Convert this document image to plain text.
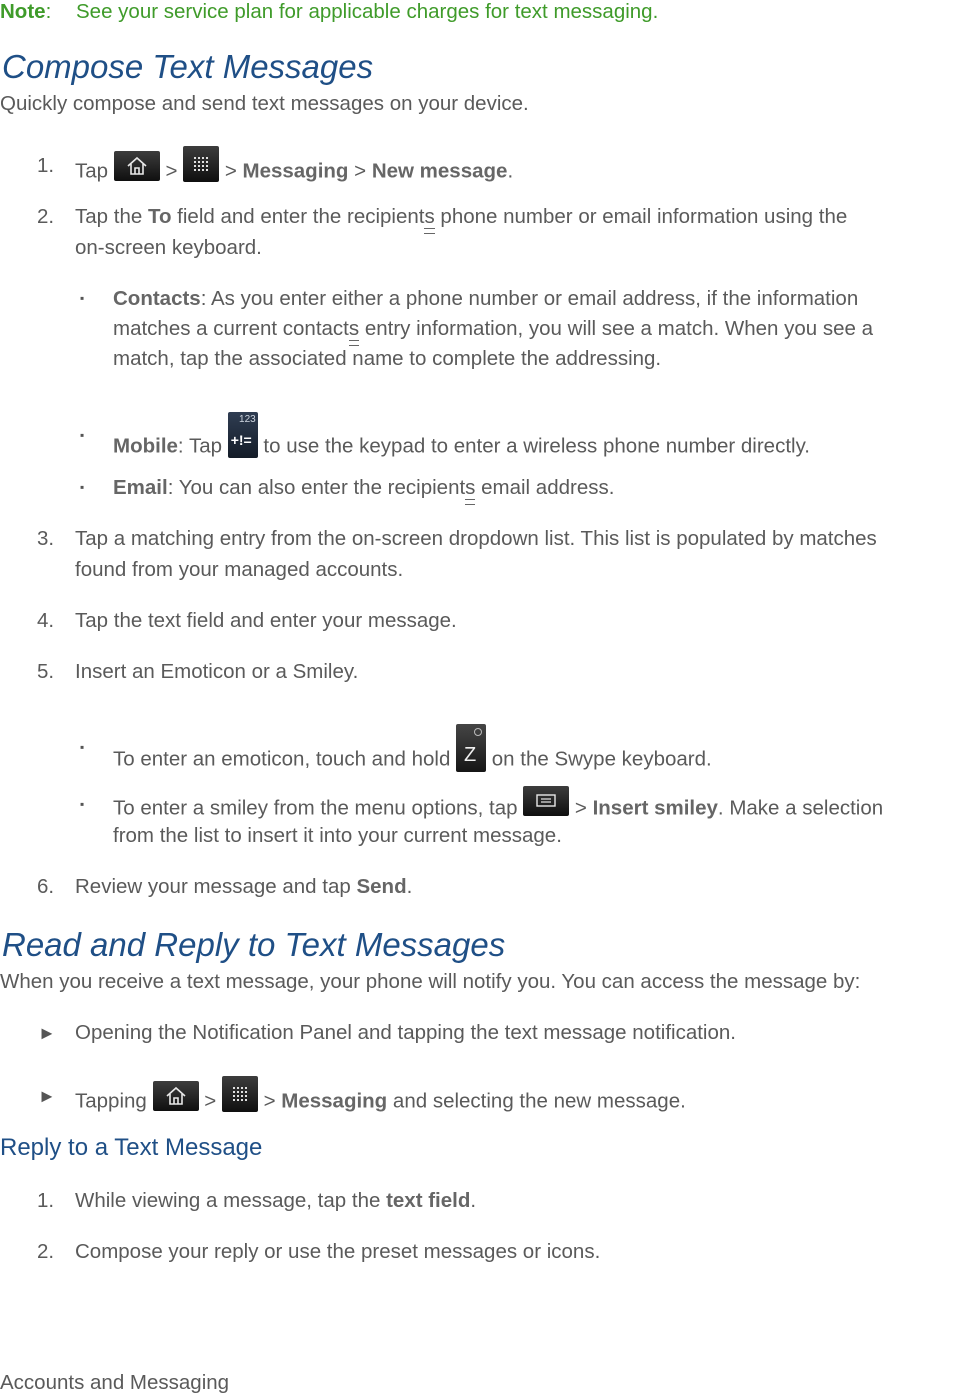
Note: See your service plan for applicable charges for text messaging.
Compose Text Messages
Quickly compose and send text messages on your device.
1. Tap	>
> Messaging > New message.
2. Tap the To field and enter the recipients phone number or email information using the
on-screen keyboard.
▪ Contacts: As you enter either a phone number or email address, if the information
matches a current contacts entry information, you will see a match. When you see a
match, tap the associated name to complete the addressing.
▪ Mobile: Tap
123
+!= to use the keypad to enter a wireless phone number directly.
▪ Email: You can also enter the recipients email address.
3. Tap a matching entry from the on-screen dropdown list. This list is populated by matches
found from your managed accounts.
4. Tap the text field and enter your message.
5. Insert an Emoticon or a Smiley.
▪
To enter an emoticon, touch and hold Z on the Swype keyboard.
▪ To enter a smiley from the menu options, tap	> Insert smiley. Make a selection
from the list to insert it into your current message.
6. Review your message and tap Send.
Read and Reply to Text Messages
When you receive a text message, your phone will notify you. You can access the message by:
► Opening the Notification Panel and tapping the text message notification.
► Tapping	>
> Messaging and selecting the new message.
Reply to a Text Message
1. While viewing a message, tap the text field.
2. Compose your reply or use the preset messages or icons.
Accounts and Messaging
